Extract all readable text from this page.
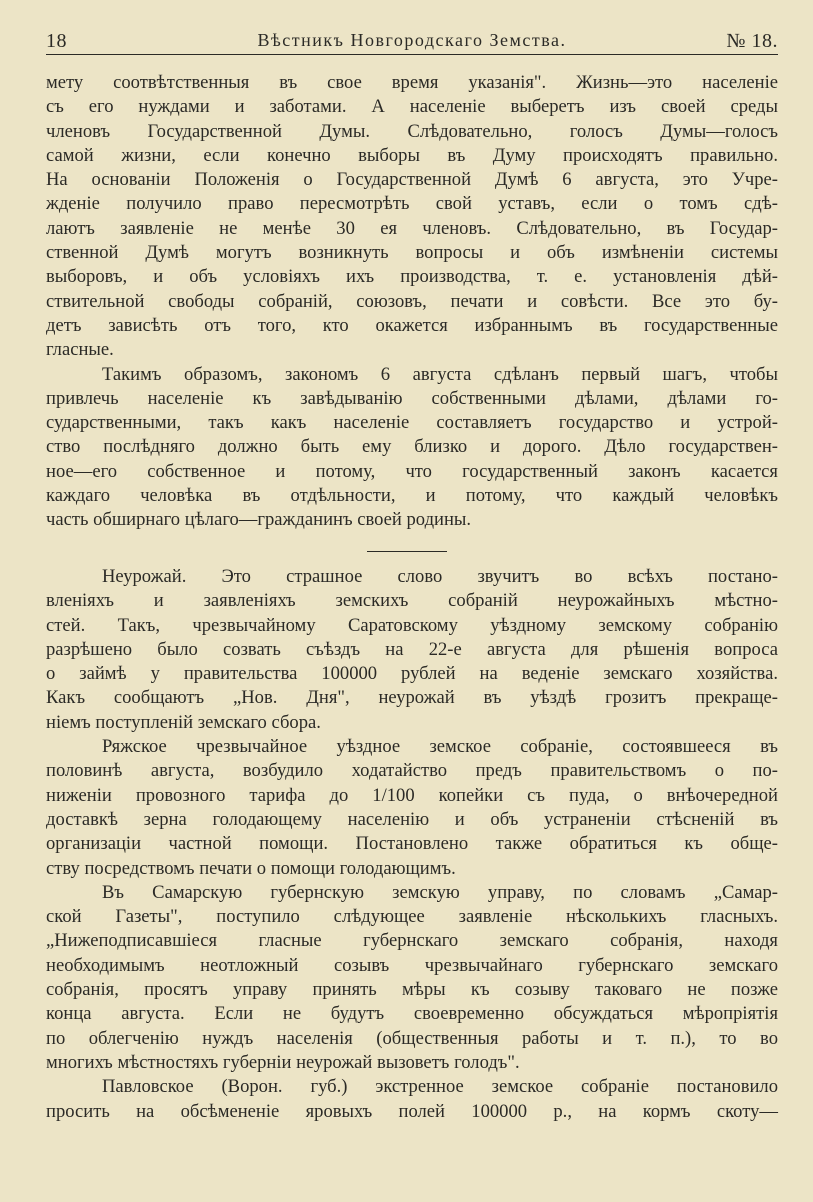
18	Вѣстникъ Новгородскаго Земства.	№ 18.
мету соотвѣтственныя въ свое время указанія". Жизнь—это населеніе
съ его нуждами и заботами. А населеніе выберетъ изъ своей среды
членовъ Государственной Думы. Слѣдовательно, голосъ Думы—голосъ
самой жизни, если конечно выборы въ Думу происходятъ правильно.
На основаніи Положенія о Государственной Думѣ 6 августа, это Учре-
жденіе получило право пересмотрѣть свой уставъ, если о томъ сдѣ-
лаютъ заявленіе не менѣе 30 ея членовъ. Слѣдовательно, въ Государ-
ственной Думѣ могутъ возникнуть вопросы и объ измѣненіи системы
выборовъ, и объ условіяхъ ихъ производства, т. е. установленія дѣй-
ствительной свободы собраній, союзовъ, печати и совѣсти. Все это бу-
детъ зависѣть отъ того, кто окажется избраннымъ въ государственные
гласные.
Такимъ образомъ, закономъ 6 августа сдѣланъ первый шагъ, чтобы
привлечь населеніе къ завѣдыванію собственными дѣлами, дѣлами го-
сударственными, такъ какъ населеніе составляетъ государство и устрой-
ство послѣдняго должно быть ему близко и дорого. Дѣло государствен-
ное—его собственное и потому, что государственный законъ касается
каждаго человѣка въ отдѣльности, и потому, что каждый человѣкъ
часть обширнаго цѣлаго—гражданинъ своей родины.
Неурожай. Это страшное слово звучитъ во всѣхъ постано-
вленіяхъ и заявленіяхъ земскихъ собраній неурожайныхъ мѣстно-
стей. Такъ, чрезвычайному Саратовскому уѣздному земскому собранію
разрѣшено было созвать съѣздъ на 22-е августа для рѣшенія вопроса
о займѣ у правительства 100000 рублей на веденіе земскаго хозяйства.
Какъ сообщаютъ „Нов. Дня", неурожай въ уѣздѣ грозитъ прекраще-
ніемъ поступленій земскаго сбора.
Ряжское чрезвычайное уѣздное земское собраніе, состоявшееся въ
половинѣ августа, возбудило ходатайство предъ правительствомъ о по-
ниженіи провозного тарифа до 1/100 копейки съ пуда, о внѣочередной
доставкѣ зерна голодающему населенію и объ устраненіи стѣсненій въ
организаціи частной помощи. Постановлено также обратиться къ обще-
ству посредствомъ печати о помощи голодающимъ.
Въ Самарскую губернскую земскую управу, по словамъ „Самар-
ской Газеты", поступило слѣдующее заявленіе нѣсколькихъ гласныхъ.
„Нижеподписавшіеся гласные губернскаго земскаго собранія, находя
необходимымъ неотложный созывъ чрезвычайнаго губернскаго земскаго
собранія, просятъ управу принять мѣры къ созыву таковаго не позже
конца августа. Если не будутъ своевременно обсуждаться мѣропріятія
по облегченію нуждъ населенія (общественныя работы и т. п.), то во
многихъ мѣстностяхъ губерніи неурожай вызоветъ голодъ".
Павловское (Ворон. губ.) экстренное земское собраніе постановило
просить на обсѣмененіе яровыхъ полей 100000 р., на кормъ скоту—
